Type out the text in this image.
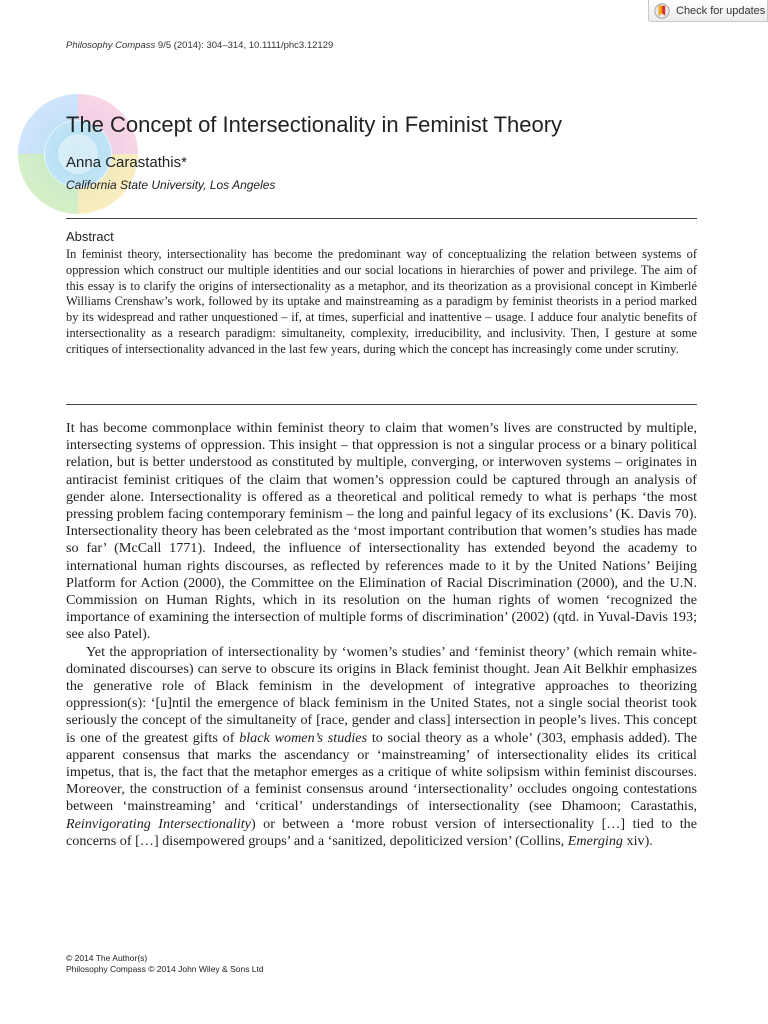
Check for updates
Philosophy Compass 9/5 (2014): 304–314, 10.1111/phc3.12129
The Concept of Intersectionality in Feminist Theory
Anna Carastathis*
California State University, Los Angeles
Abstract

In feminist theory, intersectionality has become the predominant way of conceptualizing the relation between systems of oppression which construct our multiple identities and our social locations in hierarchies of power and privilege. The aim of this essay is to clarify the origins of intersectionality as a metaphor, and its theorization as a provisional concept in Kimberlé Williams Crenshaw’s work, followed by its uptake and mainstreaming as a paradigm by feminist theorists in a period marked by its widespread and rather unquestioned – if, at times, superficial and inattentive – usage. I adduce four analytic benefits of intersectionality as a research paradigm: simultaneity, complexity, irreducibility, and inclusivity. Then, I gesture at some critiques of intersectionality advanced in the last few years, during which the concept has increasingly come under scrutiny.

It has become commonplace within feminist theory to claim that women’s lives are constructed by multiple, intersecting systems of oppression. This insight – that oppression is not a singular process or a binary political relation, but is better understood as constituted by multiple, converging, or interwoven systems – originates in antiracist feminist critiques of the claim that women’s oppression could be captured through an analysis of gender alone. Intersectionality is offered as a theoretical and political remedy to what is perhaps ‘the most pressing problem facing contemporary feminism – the long and painful legacy of its exclusions’ (K. Davis 70). Intersectionality theory has been celebrated as the ‘most important contribution that women’s studies has made so far’ (McCall 1771). Indeed, the influence of intersectionality has extended beyond the academy to international human rights discourses, as reflected by references made to it by the United Nations’ Beijing Platform for Action (2000), the Committee on the Elimination of Racial Discrimination (2000), and the U.N. Commission on Human Rights, which in its resolution on the human rights of women ‘recognized the importance of examining the intersection of multiple forms of discrimination’ (2002) (qtd. in Yuval-Davis 193; see also Patel).

Yet the appropriation of intersectionality by ‘women’s studies’ and ‘feminist theory’ (which remain white-dominated discourses) can serve to obscure its origins in Black feminist thought. Jean Ait Belkhir emphasizes the generative role of Black feminism in the development of integrative approaches to theorizing oppression(s): ‘[u]ntil the emergence of black feminism in the United States, not a single social theorist took seriously the concept of the simultaneity of [race, gender and class] intersection in people’s lives. This concept is one of the greatest gifts of black women’s studies to social theory as a whole’ (303, emphasis added). The apparent consensus that marks the ascendancy or ‘mainstreaming’ of intersectionality elides its critical impetus, that is, the fact that the metaphor emerges as a critique of white solipsism within feminist discourses. Moreover, the construction of a feminist consensus around ‘intersectionality’ occludes ongoing contestations between ‘mainstreaming’ and ‘critical’ understandings of intersectionality (see Dhamoon; Carastathis, Reinvigorating Intersectionality) or between a ‘more robust version of intersectionality […] tied to the concerns of […] disempowered groups’ and a ‘sanitized, depoliticized version’ (Collins, Emerging xiv).

© 2014 The Author(s)
Philosophy Compass © 2014 John Wiley & Sons Ltd
